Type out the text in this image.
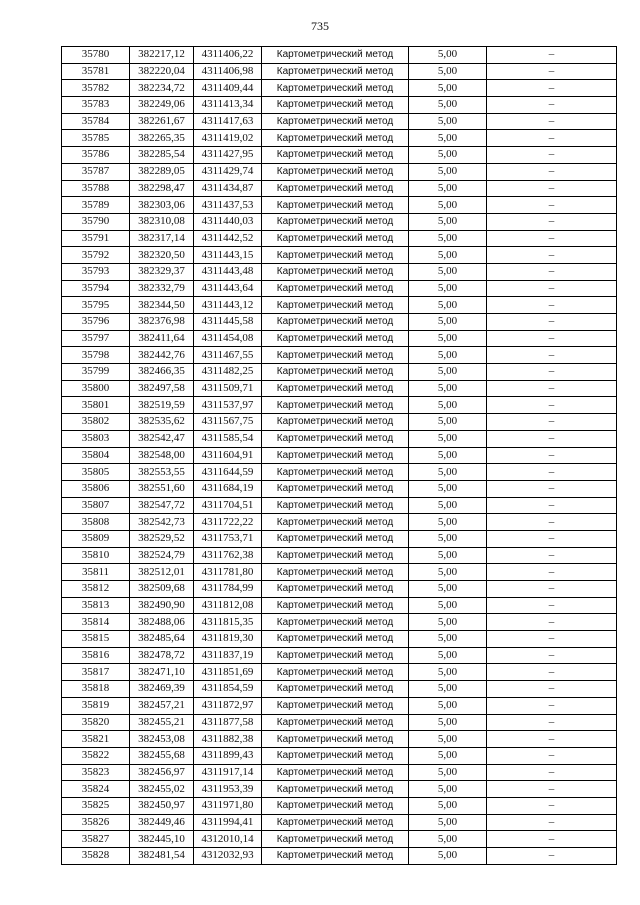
735
35780	382217,12	4311406,22	Картометрический метод	5,00	–
35781	382220,04	4311406,98	Картометрический метод	5,00	–
35782	382234,72	4311409,44	Картометрический метод	5,00	–
35783	382249,06	4311413,34	Картометрический метод	5,00	–
35784	382261,67	4311417,63	Картометрический метод	5,00	–
35785	382265,35	4311419,02	Картометрический метод	5,00	–
35786	382285,54	4311427,95	Картометрический метод	5,00	–
35787	382289,05	4311429,74	Картометрический метод	5,00	–
35788	382298,47	4311434,87	Картометрический метод	5,00	–
35789	382303,06	4311437,53	Картометрический метод	5,00	–
35790	382310,08	4311440,03	Картометрический метод	5,00	–
35791	382317,14	4311442,52	Картометрический метод	5,00	–
35792	382320,50	4311443,15	Картометрический метод	5,00	–
35793	382329,37	4311443,48	Картометрический метод	5,00	–
35794	382332,79	4311443,64	Картометрический метод	5,00	–
35795	382344,50	4311443,12	Картометрический метод	5,00	–
35796	382376,98	4311445,58	Картометрический метод	5,00	–
35797	382411,64	4311454,08	Картометрический метод	5,00	–
35798	382442,76	4311467,55	Картометрический метод	5,00	–
35799	382466,35	4311482,25	Картометрический метод	5,00	–
35800	382497,58	4311509,71	Картометрический метод	5,00	–
35801	382519,59	4311537,97	Картометрический метод	5,00	–
35802	382535,62	4311567,75	Картометрический метод	5,00	–
35803	382542,47	4311585,54	Картометрический метод	5,00	–
35804	382548,00	4311604,91	Картометрический метод	5,00	–
35805	382553,55	4311644,59	Картометрический метод	5,00	–
35806	382551,60	4311684,19	Картометрический метод	5,00	–
35807	382547,72	4311704,51	Картометрический метод	5,00	–
35808	382542,73	4311722,22	Картометрический метод	5,00	–
35809	382529,52	4311753,71	Картометрический метод	5,00	–
35810	382524,79	4311762,38	Картометрический метод	5,00	–
35811	382512,01	4311781,80	Картометрический метод	5,00	–
35812	382509,68	4311784,99	Картометрический метод	5,00	–
35813	382490,90	4311812,08	Картометрический метод	5,00	–
35814	382488,06	4311815,35	Картометрический метод	5,00	–
35815	382485,64	4311819,30	Картометрический метод	5,00	–
35816	382478,72	4311837,19	Картометрический метод	5,00	–
35817	382471,10	4311851,69	Картометрический метод	5,00	–
35818	382469,39	4311854,59	Картометрический метод	5,00	–
35819	382457,21	4311872,97	Картометрический метод	5,00	–
35820	382455,21	4311877,58	Картометрический метод	5,00	–
35821	382453,08	4311882,38	Картометрический метод	5,00	–
35822	382455,68	4311899,43	Картометрический метод	5,00	–
35823	382456,97	4311917,14	Картометрический метод	5,00	–
35824	382455,02	4311953,39	Картометрический метод	5,00	–
35825	382450,97	4311971,80	Картометрический метод	5,00	–
35826	382449,46	4311994,41	Картометрический метод	5,00	–
35827	382445,10	4312010,14	Картометрический метод	5,00	–
35828	382481,54	4312032,93	Картометрический метод	5,00	–
